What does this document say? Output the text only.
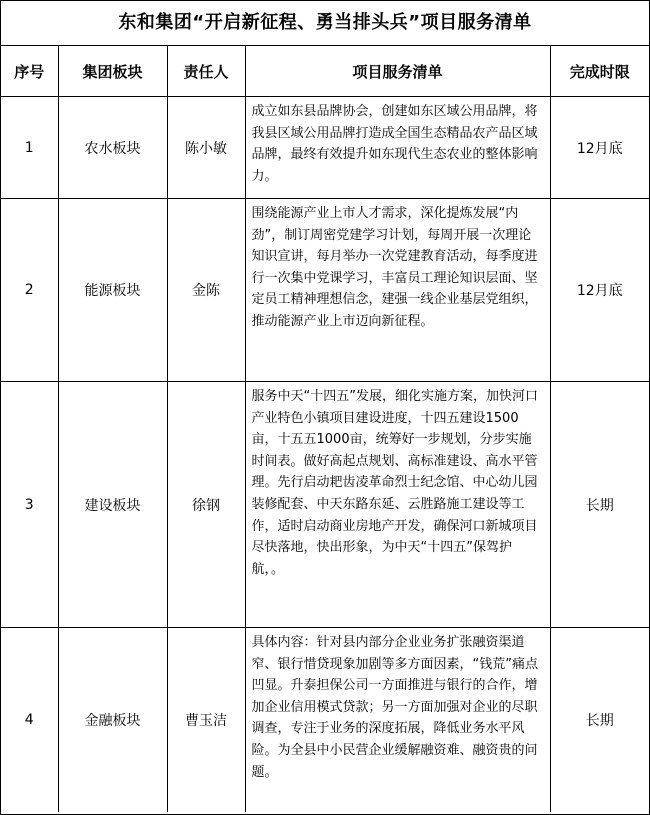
东和集团“开启新征程、勇当排头兵”项目服务清单
序号	集团板块	责任人	项目服务清单	完成时限
1	农水板块	陈小敏	成立如东县品牌协会，创建如东区域公用品牌，将我县区域公用品牌打造成全国生态精品农产品区域品牌，最终有效提升如东现代生态农业的整体影响力。	12月底
2	能源板块	金陈	围绕能源产业上市人才需求，深化提炼发展“内劲”，制订周密党建学习计划，每周开展一次理论知识宣讲，每月举办一次党建教育活动，每季度进行一次集中党课学习，丰富员工理论知识层面、坚定员工精神理想信念，建强一线企业基层党组织，推动能源产业上市迈向新征程。	12月底
3	建设板块	徐钢	服务中天“十四五”发展，细化实施方案，加快河口产业特色小镇项目建设进度，十四五建设1500亩，十五五1000亩，统筹好一步规划，分步实施时间表。做好高起点规划、高标准建设、高水平管理。先行启动耙齿凌革命烈士纪念馆、中心幼儿园装修配套、中天东路东延、云胜路施工建设等工作，适时启动商业房地产开发，确保河口新城项目尽快落地，快出形象，为中天“十四五”保驾护航，。	长期
4	金融板块	曹玉洁	具体内容：针对县内部分企业业务扩张融资渠道窄、银行惜贷现象加剧等多方面因素，“钱荒”痛点凹显。升泰担保公司一方面推进与银行的合作，增加企业信用模式贷款；另一方面加强对企业的尽职调查，专注于业务的深度拓展，降低业务水平风险。为全县中小民营企业缓解融资难、融资贵的问题。	长期
